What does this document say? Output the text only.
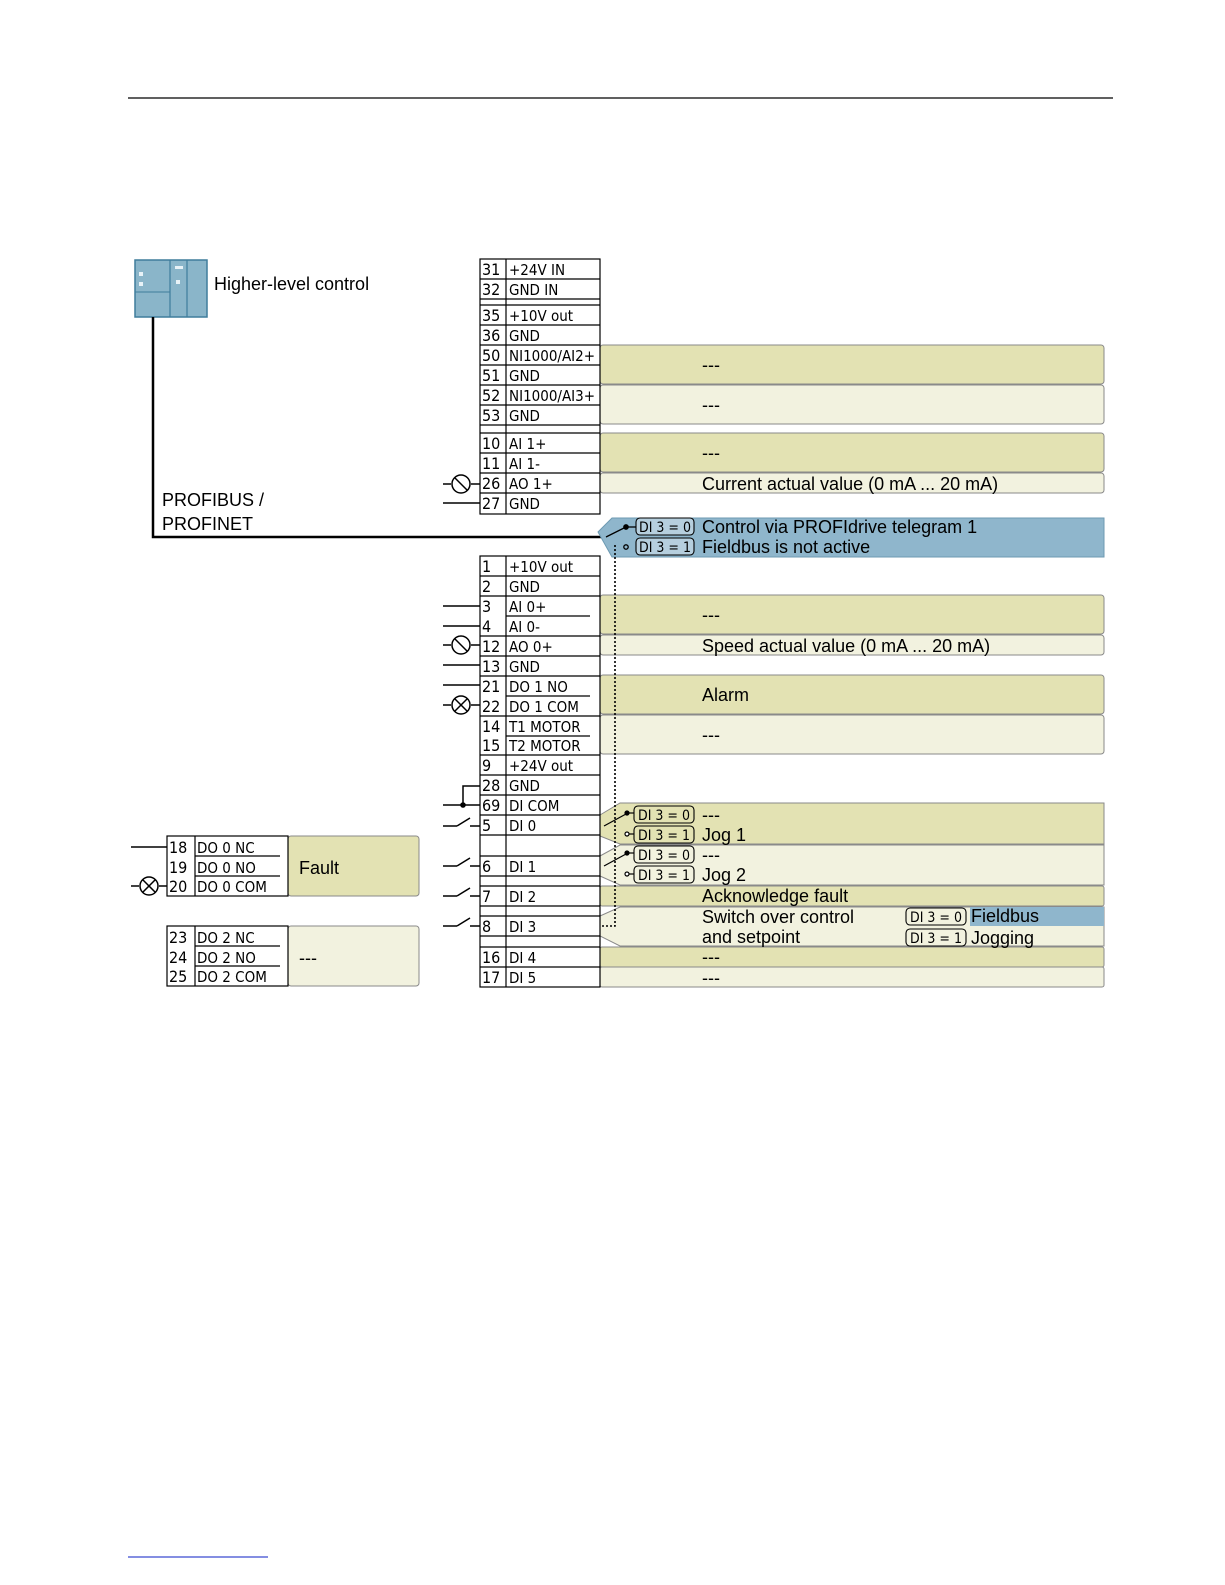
Higher-level control
PROFIBUS /
PROFINET
---
---
---
Current actual value (0 mA ... 20 mA)
31 +24V IN
32 GND IN
35 +10V out
36 GND
50 NI1000/AI2+
51 GND
52 NI1000/AI3+
53 GND
10 AI 1+
11 AI 1-
26 AO 1+
27 GND
DI 3 = 0
DI 3 = 1
Control via PROFIdrive telegram 1
Fieldbus is not active
---
Speed actual value (0 mA ... 20 mA)
Alarm
---
DI 3 = 0
DI 3 = 1
---
Jog 1
DI 3 = 0
DI 3 = 1
---
Jog 2
Acknowledge fault
Switch over control
and setpoint
DI 3 = 0
DI 3 = 1
Fieldbus
Jogging
---
---
1 +10V out
2 GND
3 AI 0+
4 AI 0-
12 AO 0+
13 GND
21 DO 1 NO
22 DO 1 COM
14 T1 MOTOR
15 T2 MOTOR
9 +24V out
28 GND
69 DI COM
5 DI 0
6 DI 1
7 DI 2
8 DI 3
16 DI 4
17 DI 5
Fault
18 DO 0 NC
19 DO 0 NO
20 DO 0 COM
---
23 DO 2 NC
24 DO 2 NO
25 DO 2 COM
